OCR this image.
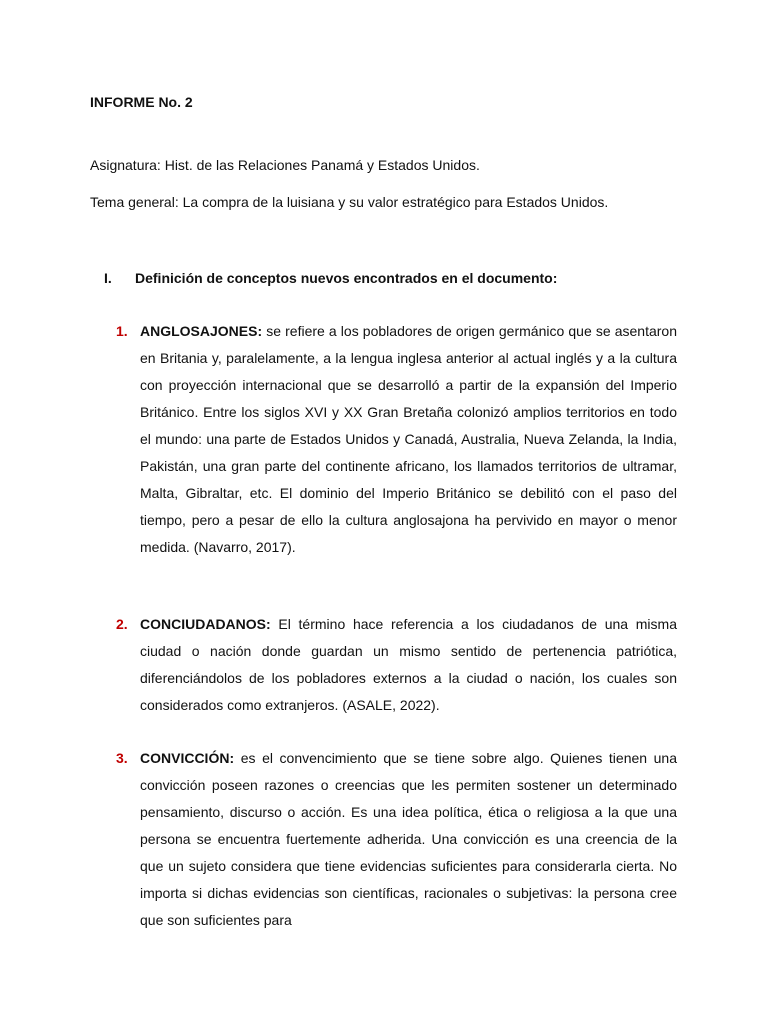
INFORME No. 2

Asignatura: Hist. de las Relaciones Panamá y Estados Unidos.

Tema general: La compra de la luisiana y su valor estratégico para Estados Unidos.

I. Definición de conceptos nuevos encontrados en el documento:
1. ANGLOSAJONES: se refiere a los pobladores de origen germánico que se asentaron en Britania y, paralelamente, a la lengua inglesa anterior al actual inglés y a la cultura con proyección internacional que se desarrolló a partir de la expansión del Imperio Británico. Entre los siglos XVI y XX Gran Bretaña colonizó amplios territorios en todo el mundo: una parte de Estados Unidos y Canadá, Australia, Nueva Zelanda, la India, Pakistán, una gran parte del continente africano, los llamados territorios de ultramar, Malta, Gibraltar, etc. El dominio del Imperio Británico se debilitó con el paso del tiempo, pero a pesar de ello la cultura anglosajona ha pervivido en mayor o menor medida. (Navarro, 2017).

2. CONCIUDADANOS: El término hace referencia a los ciudadanos de una misma ciudad o nación donde guardan un mismo sentido de pertenencia patriótica, diferenciándolos de los pobladores externos a la ciudad o nación, los cuales son considerados como extranjeros. (ASALE, 2022).

3. CONVICCIÓN: es el convencimiento que se tiene sobre algo. Quienes tienen una convicción poseen razones o creencias que les permiten sostener un determinado pensamiento, discurso o acción. Es una idea política, ética o religiosa a la que una persona se encuentra fuertemente adherida. Una convicción es una creencia de la que un sujeto considera que tiene evidencias suficientes para considerarla cierta. No importa si dichas evidencias son científicas, racionales o subjetivas: la persona cree que son suficientes para
